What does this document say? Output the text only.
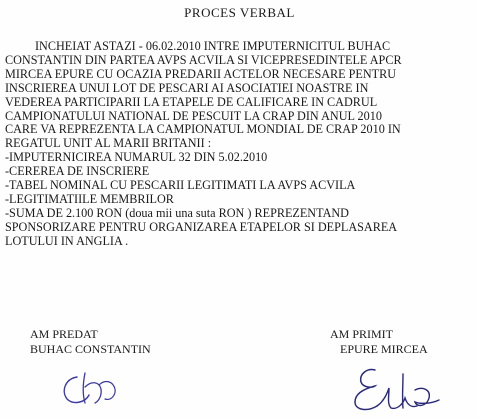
PROCES VERBAL
INCHEIAT ASTAZI - 06.02.2010 INTRE IMPUTERNICITUL BUHAC
CONSTANTIN DIN PARTEA AVPS ACVILA SI VICEPRESEDINTELE APCR
MIRCEA EPURE CU OCAZIA PREDARII ACTELOR NECESARE PENTRU
INSCRIEREA UNUI LOT DE PESCARI AI ASOCIATIEI NOASTRE IN
VEDEREA PARTICIPARII LA ETAPELE DE CALIFICARE IN CADRUL
CAMPIONATULUI NATIONAL DE PESCUIT LA CRAP DIN ANUL 2010
CARE VA REPREZENTA LA CAMPIONATUL MONDIAL DE CRAP 2010 IN
REGATUL UNIT AL MARII BRITANII :
-IMPUTERNICIREA NUMARUL 32 DIN 5.02.2010
-CEREREA DE INSCRIERE
-TABEL NOMINAL CU PESCARII LEGITIMATI LA AVPS ACVILA
-LEGITIMATIILE MEMBRILOR
-SUMA DE 2.100 RON (doua mii una suta RON ) REPREZENTAND
SPONSORIZARE PENTRU ORGANIZAREA ETAPELOR SI DEPLASAREA
LOTULUI IN ANGLIA .
AM PREDAT
BUHAC CONSTANTIN
AM PRIMIT
EPURE MIRCEA
